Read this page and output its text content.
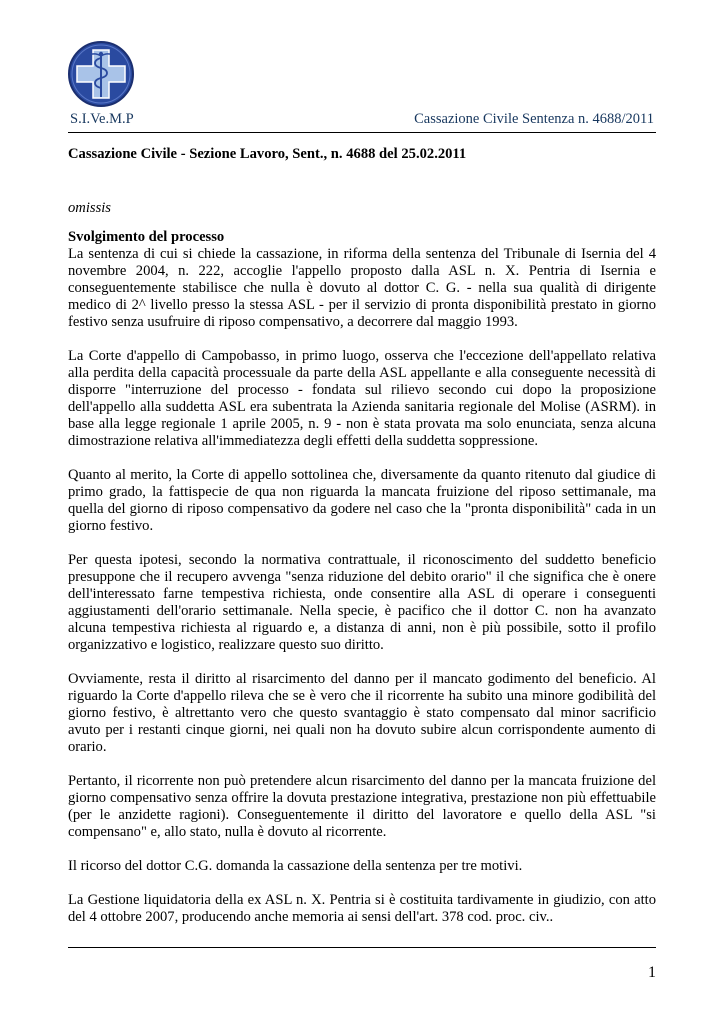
S.I.Ve.M.P	Cassazione Civile Sentenza n. 4688/2011
Cassazione Civile - Sezione Lavoro, Sent., n. 4688 del 25.02.2011
omissis
Svolgimento del processo

La sentenza di cui si chiede la cassazione, in riforma della sentenza del Tribunale di Isernia del 4 novembre 2004, n. 222, accoglie l'appello proposto dalla ASL n. X. Pentria di Isernia e conseguentemente stabilisce che nulla è dovuto al dottor C. G. - nella sua qualità di dirigente medico di 2^ livello presso la stessa ASL - per il servizio di pronta disponibilità prestato in giorno festivo senza usufruire di riposo compensativo, a decorrere dal maggio 1993.

La Corte d'appello di Campobasso, in primo luogo, osserva che l'eccezione dell'appellato relativa alla perdita della capacità processuale da parte della ASL appellante e alla conseguente necessità di disporre "interruzione del processo - fondata sul rilievo secondo cui dopo la proposizione dell'appello alla suddetta ASL era subentrata la Azienda sanitaria regionale del Molise (ASRM). in base alla legge regionale 1 aprile 2005, n. 9 - non è stata provata ma solo enunciata, senza alcuna dimostrazione relativa all'immediatezza degli effetti della suddetta soppressione.

Quanto al merito, la Corte di appello sottolinea che, diversamente da quanto ritenuto dal giudice di primo grado, la fattispecie de qua non riguarda la mancata fruizione del riposo settimanale, ma quella del giorno di riposo compensativo da godere nel caso che la "pronta disponibilità" cada in un giorno festivo.

Per questa ipotesi, secondo la normativa contrattuale, il riconoscimento del suddetto beneficio presuppone che il recupero avvenga "senza riduzione del debito orario" il che significa che è onere dell'interessato farne tempestiva richiesta, onde consentire alla ASL di operare i conseguenti aggiustamenti dell'orario settimanale. Nella specie, è pacifico che il dottor C. non ha avanzato alcuna tempestiva richiesta al riguardo e, a distanza di anni, non è più possibile, sotto il profilo organizzativo e logistico, realizzare questo suo diritto.

Ovviamente, resta il diritto al risarcimento del danno per il mancato godimento del beneficio. Al riguardo la Corte d'appello rileva che se è vero che il ricorrente ha subito una minore godibilità del giorno festivo, è altrettanto vero che questo svantaggio è stato compensato dal minor sacrificio avuto per i restanti cinque giorni, nei quali non ha dovuto subire alcun corrispondente aumento di orario.

Pertanto, il ricorrente non può pretendere alcun risarcimento del danno per la mancata fruizione del giorno compensativo senza offrire la dovuta prestazione integrativa, prestazione non più effettuabile (per le anzidette ragioni). Conseguentemente il diritto del lavoratore e quello della ASL "si compensano" e, allo stato, nulla è dovuto al ricorrente.

Il ricorso del dottor C.G. domanda la cassazione della sentenza per tre motivi.

La Gestione liquidatoria della ex ASL n. X. Pentria si è costituita tardivamente in giudizio, con atto del 4 ottobre 2007, producendo anche memoria ai sensi dell'art. 378 cod. proc. civ..

1
